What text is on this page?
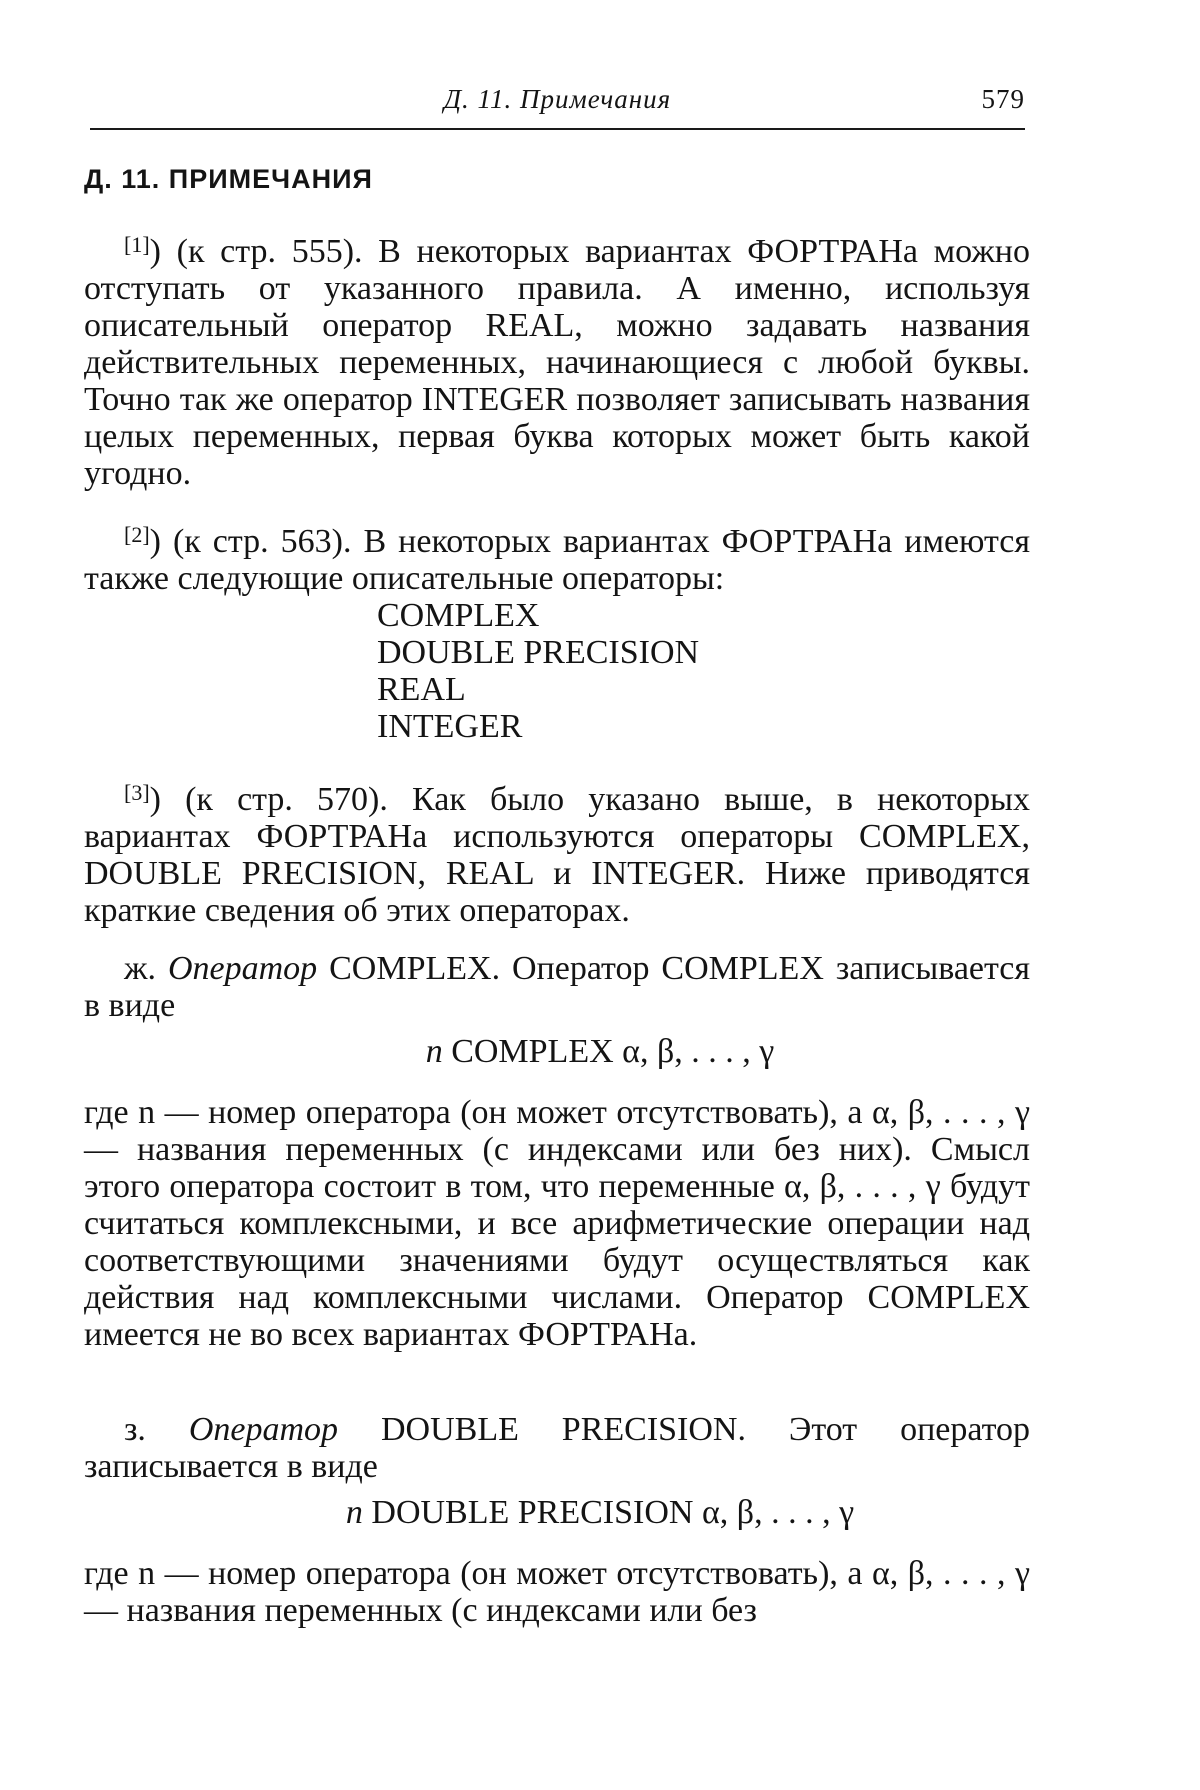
Д. 11. Примечания	579
Д. 11. ПРИМЕЧАНИЯ

[1]) (к стр. 555). В некоторых вариантах ФОРТРАНа можно отступать от указанного правила. А именно, используя описательный оператор REAL, можно задавать названия действительных переменных, начинающиеся с любой буквы. Точно так же оператор INTEGER позволяет записывать названия целых переменных, первая буква которых может быть какой угодно.

[2]) (к стр. 563). В некоторых вариантах ФОРТРАНа имеются также следующие описательные операторы:

COMPLEX
DOUBLE PRECISION
REAL
INTEGER

[3]) (к стр. 570). Как было указано выше, в некоторых вариантах ФОРТРАНа используются операторы COMPLEX, DOUBLE PRECISION, REAL и INTEGER. Ниже приводятся краткие сведения об этих операторах.

ж. Оператор COMPLEX. Оператор COMPLEX записывается в виде

n COMPLEX α, β, . . . , γ

где n — номер оператора (он может отсутствовать), а α, β, . . . , γ — названия переменных (с индексами или без них). Смысл этого оператора состоит в том, что переменные α, β, . . . , γ будут считаться комплексными, и все арифметические операции над соответствующими значениями будут осуществляться как действия над комплексными числами. Оператор COMPLEX имеется не во всех вариантах ФОРТРАНа.

з. Оператор DOUBLE PRECISION. Этот оператор записывается в виде

n DOUBLE PRECISION α, β, . . . , γ

где n — номер оператора (он может отсутствовать), а α, β, . . . , γ — названия переменных (с индексами или без
